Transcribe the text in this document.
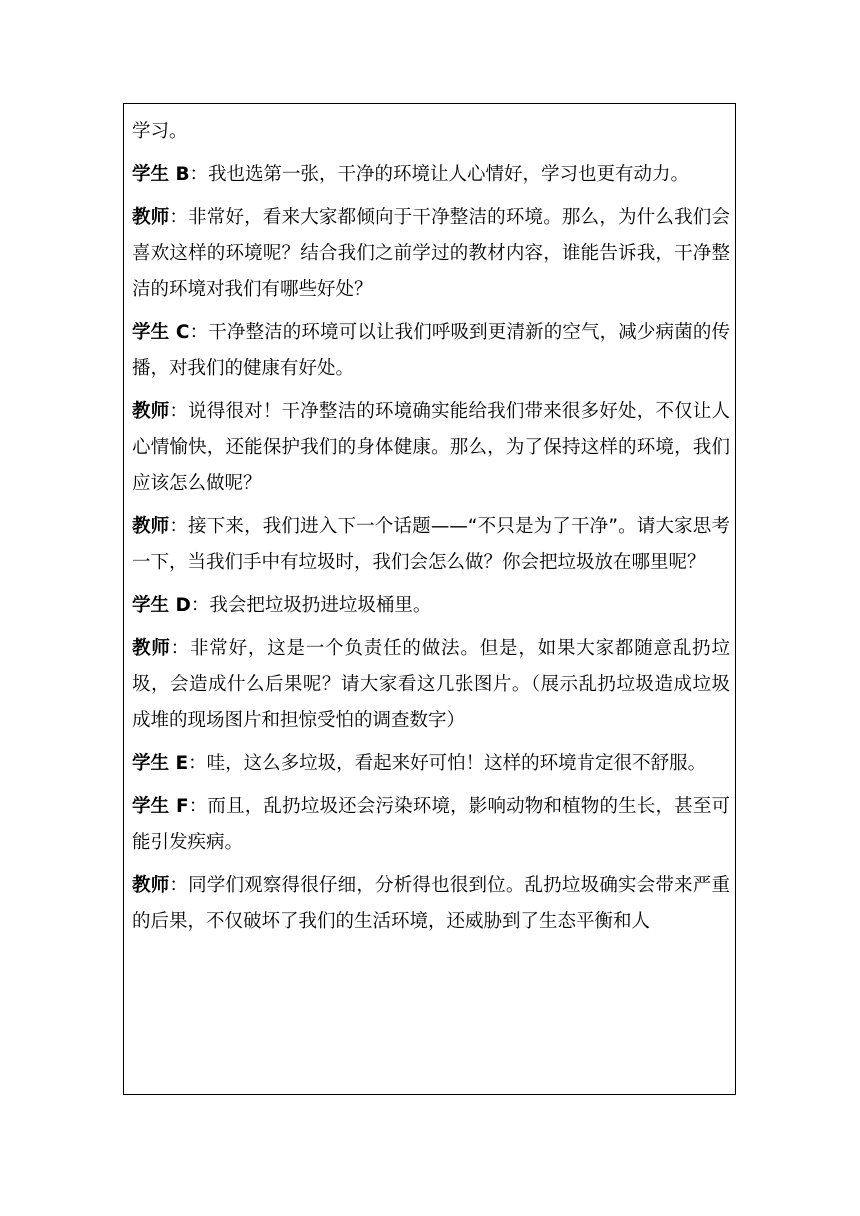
学习。

学生 B：我也选第一张，干净的环境让人心情好，学习也更有动力。

教师：非常好，看来大家都倾向于干净整洁的环境。那么，为什么我们会喜欢这样的环境呢？结合我们之前学过的教材内容，谁能告诉我，干净整洁的环境对我们有哪些好处？

学生 C：干净整洁的环境可以让我们呼吸到更清新的空气，减少病菌的传播，对我们的健康有好处。

教师：说得很对！干净整洁的环境确实能给我们带来很多好处，不仅让人心情愉快，还能保护我们的身体健康。那么，为了保持这样的环境，我们应该怎么做呢？

教师：接下来，我们进入下一个话题——“不只是为了干净”。请大家思考一下，当我们手中有垃圾时，我们会怎么做？你会把垃圾放在哪里呢？

学生 D：我会把垃圾扔进垃圾桶里。

教师：非常好，这是一个负责任的做法。但是，如果大家都随意乱扔垃圾，会造成什么后果呢？请大家看这几张图片。（展示乱扔垃圾造成垃圾成堆的现场图片和担惊受怕的调查数字）

学生 E：哇，这么多垃圾，看起来好可怕！这样的环境肯定很不舒服。

学生 F：而且，乱扔垃圾还会污染环境，影响动物和植物的生长，甚至可能引发疾病。

教师：同学们观察得很仔细，分析得也很到位。乱扔垃圾确实会带来严重的后果，不仅破坏了我们的生活环境，还威胁到了生态平衡和人
